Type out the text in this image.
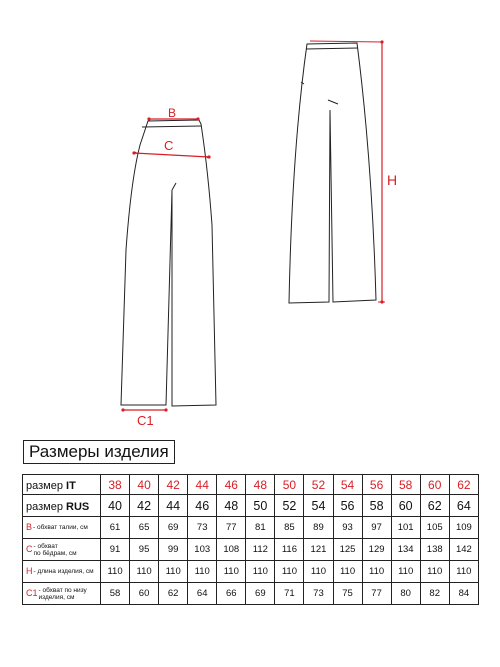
B
C
C1
H
Размеры изделия
размер IT	38	40	42	44	46	48	50	52	54	56	58	60	62
размер RUS	40	42	44	46	48	50	52	54	56	58	60	62	64

В - обхват талии, см	61	65	69	73	77	81	85	89	93	97	101	105	109

С - обхват
по бёдрам, см	91	95	99	103	108	112	116	121	125	129	134	138	142

Н - длина изделия, см	110	110	110	110	110	110	110	110	110	110	110	110	110

С1 - обхват по низу
изделия, см	58	60	62	64	66	69	71	73	75	77	80	82	84
